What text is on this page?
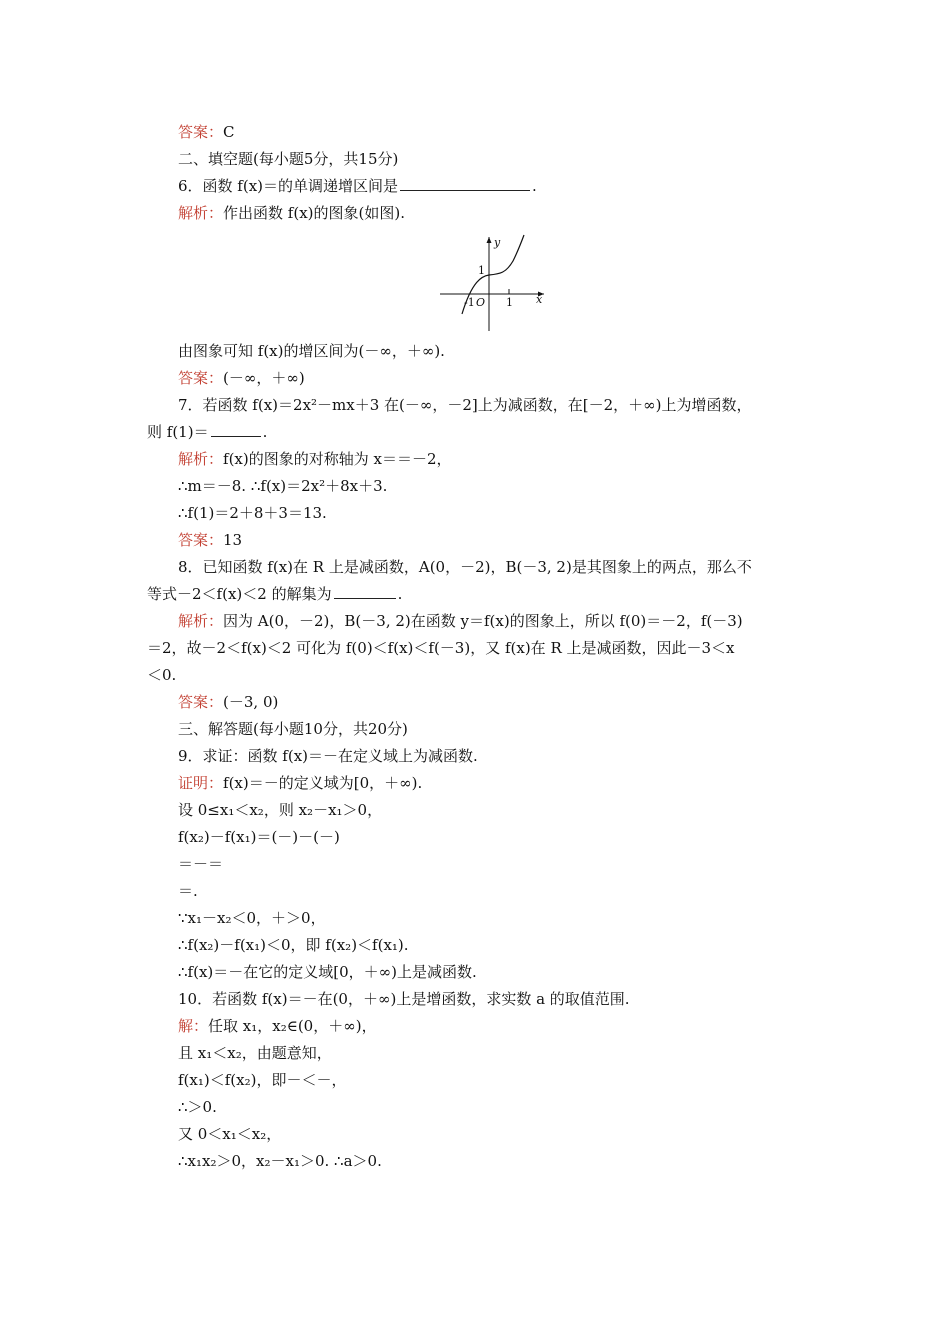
答案：C
二、填空题(每小题5分，共15分)
6．函数 f(x)＝的单调递增区间是	.
解析：作出函数 f(x)的图象(如图).
y
1
-1 O 1 x
由图象可知 f(x)的增区间为(－∞，＋∞).
答案：(－∞，＋∞)
7．若函数 f(x)＝2x²－mx＋3 在(－∞，－2]上为减函数，在[－2，＋∞)上为增函数，
则 f(1)＝	.
解析：f(x)的图象的对称轴为 x＝＝－2，
∴m＝－8. ∴f(x)＝2x²＋8x＋3.
∴f(1)＝2＋8＋3＝13.
答案：13
8．已知函数 f(x)在 R 上是减函数，A(0，－2)，B(－3, 2)是其图象上的两点，那么不
等式－2＜f(x)＜2 的解集为	.
解析：因为 A(0，－2)，B(－3, 2)在函数 y＝f(x)的图象上，所以 f(0)＝－2，f(－3)
＝2，故－2＜f(x)＜2 可化为 f(0)＜f(x)＜f(－3)，又 f(x)在 R 上是减函数，因此－3＜x
＜0.
答案：(－3, 0)
三、解答题(每小题10分，共20分)
9．求证：函数 f(x)＝－在定义域上为减函数.
证明：f(x)＝－的定义域为[0，＋∞).
设 0≤x₁＜x₂，则 x₂－x₁＞0，
f(x₂)－f(x₁)＝(－)－(－)
＝－＝
＝.
∵x₁－x₂＜0，＋＞0，
∴f(x₂)－f(x₁)＜0，即 f(x₂)＜f(x₁).
∴f(x)＝－在它的定义域[0，＋∞)上是减函数.
10．若函数 f(x)＝－在(0，＋∞)上是增函数，求实数 a 的取值范围.
解：任取 x₁，x₂∈(0，＋∞)，
且 x₁＜x₂，由题意知，
f(x₁)＜f(x₂)，即－＜－，
∴＞0.
又 0＜x₁＜x₂，
∴x₁x₂＞0，x₂－x₁＞0. ∴a＞0.
